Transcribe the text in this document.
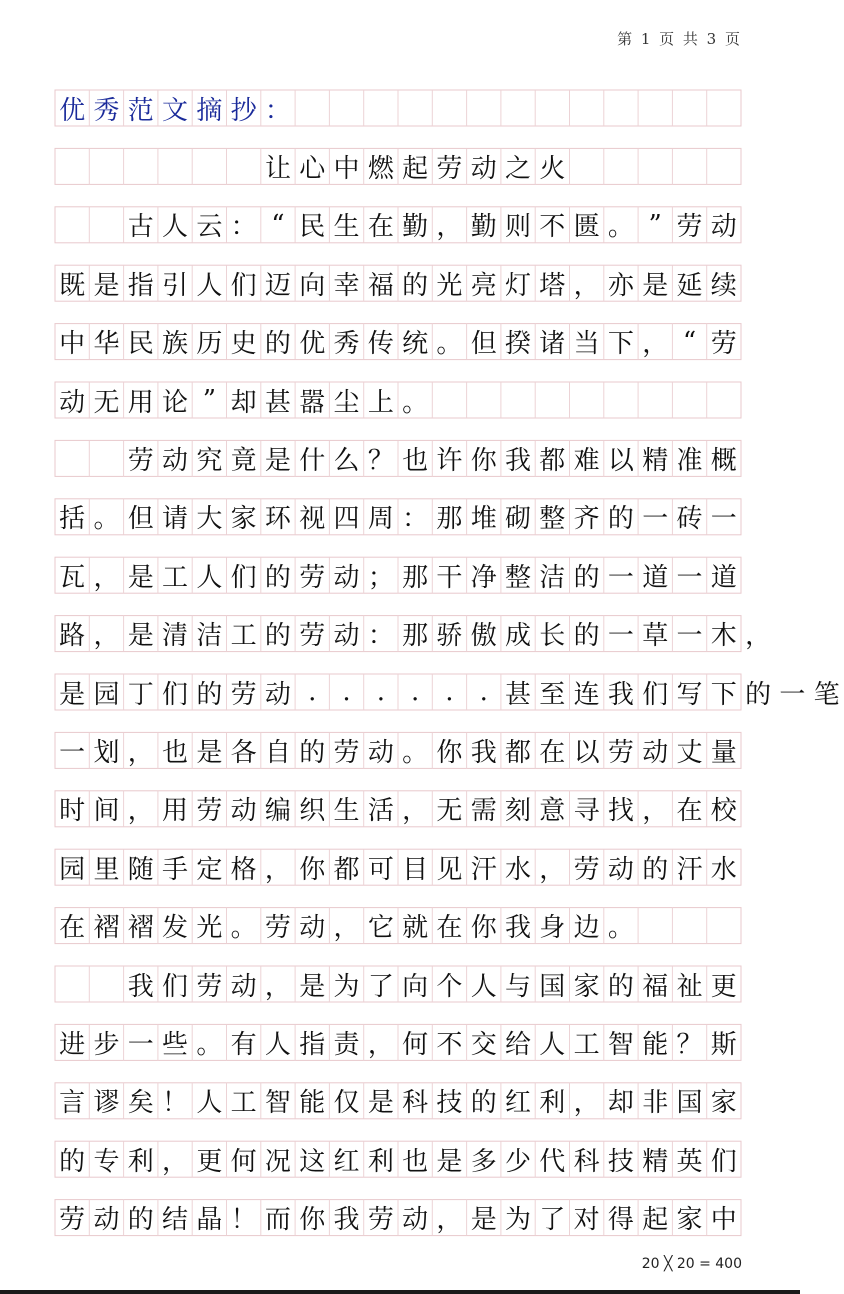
第 1 页 共 3 页
优 秀 范 文 摘 抄 ：
让 心 中 燃 起 劳 动 之 火
古 人 云 ： “ 民 生 在 勤 ， 勤 则 不 匮 。 ” 劳 动
既 是 指 引 人 们 迈 向 幸 福 的 光 亮 灯 塔 ， 亦 是 延 续
中 华 民 族 历 史 的 优 秀 传 统 。 但 揆 诸 当 下 ， “ 劳
动 无 用 论 ” 却 甚 嚣 尘 上 。
劳 动 究 竟 是 什 么 ？ 也 许 你 我 都 难 以 精 准 概
括 。 但 请 大 家 环 视 四 周 ： 那 堆 砌 整 齐 的 一 砖 一
瓦 ， 是 工 人 们 的 劳 动 ； 那 干 净 整 洁 的 一 道 一 道
路 ， 是 清 洁 工 的 劳 动 ： 那 骄 傲 成 长 的 一 草 一 木 ，
是 园 丁 们 的 劳 动 .	.	.	.	.	. 甚 至 连 我 们 写 下 的 一 笔
一 划 ， 也 是 各 自 的 劳 动 。 你 我 都 在 以 劳 动 丈 量
时 间 ， 用 劳 动 编 织 生 活 ， 无 需 刻 意 寻 找 ， 在 校
园 里 随 手 定 格 ， 你 都 可 目 见 汗 水 ， 劳 动 的 汗 水
在 褶 褶 发 光 。 劳 动 ， 它 就 在 你 我 身 边 。
我 们 劳 动 ， 是 为 了 向 个 人 与 国 家 的 福 祉 更
进 步 一 些 。 有 人 指 责 ， 何 不 交 给 人 工 智 能 ？ 斯
言 谬 矣 ！ 人 工 智 能 仅 是 科 技 的 红 利 ， 却 非 国 家
的 专 利 ， 更 何 况 这 红 利 也 是 多 少 代 科 技 精 英 们
劳 动 的 结 晶 ！ 而 你 我 劳 动 ， 是 为 了 对 得 起 家 中
20 ╳ 20 = 400
